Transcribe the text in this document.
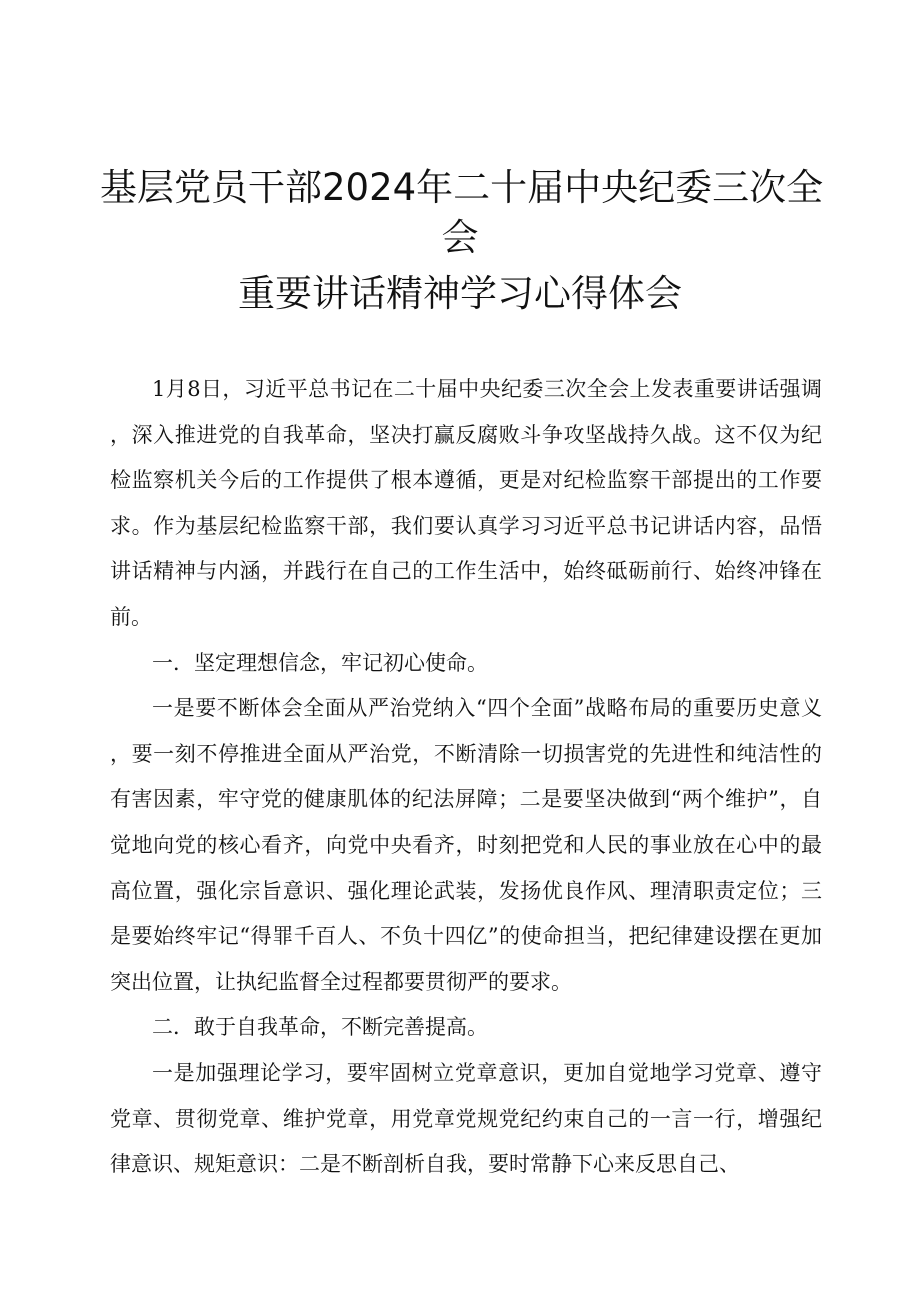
基层党员干部2024年二十届中央纪委三次全
会
重要讲话精神学习心得体会

1月8日，习近平总书记在二十届中央纪委三次全会上发表重要讲话强调，深入推进党的自我革命，坚决打赢反腐败斗争攻坚战持久战。这不仅为纪检监察机关今后的工作提供了根本遵循，更是对纪检监察干部提出的工作要求。作为基层纪检监察干部，我们要认真学习习近平总书记讲话内容，品悟讲话精神与内涵，并践行在自己的工作生活中，始终砥砺前行、始终冲锋在前。

一．坚定理想信念，牢记初心使命。

一是要不断体会全面从严治党纳入“四个全面”战略布局的重要历史意义，要一刻不停推进全面从严治党，不断清除一切损害党的先进性和纯洁性的有害因素，牢守党的健康肌体的纪法屏障；二是要坚决做到“两个维护”，自觉地向党的核心看齐，向党中央看齐，时刻把党和人民的事业放在心中的最高位置，强化宗旨意识、强化理论武装，发扬优良作风、理清职责定位；三是要始终牢记“得罪千百人、不负十四亿”的使命担当，把纪律建设摆在更加突出位置，让执纪监督全过程都要贯彻严的要求。

二．敢于自我革命，不断完善提高。

一是加强理论学习，要牢固树立党章意识，更加自觉地学习党章、遵守党章、贯彻党章、维护党章，用党章党规党纪约束自己的一言一行，增强纪律意识、规矩意识：二是不断剖析自我，要时常静下心来反思自己、
